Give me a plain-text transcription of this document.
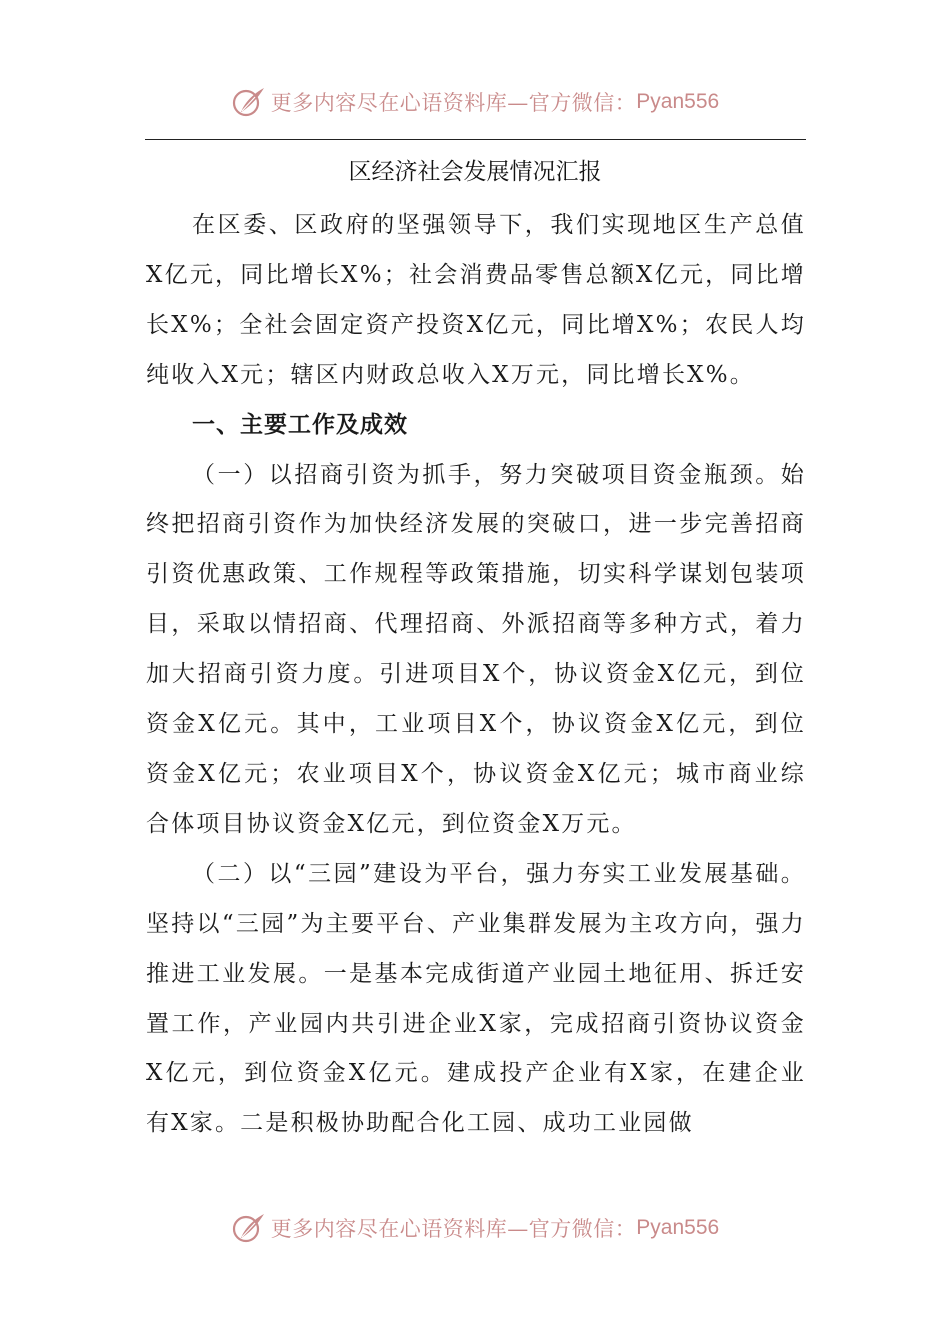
更多内容尽在心语资料库—官方微信： Pyan556
区经济社会发展情况汇报

在区委、区政府的坚强领导下，我们实现地区生产总值X亿元，同比增长X%；社会消费品零售总额X亿元，同比增长X%；全社会固定资产投资X亿元，同比增X%；农民人均纯收入X元；辖区内财政总收入X万元，同比增长X%。

一、主要工作及成效

（一）以招商引资为抓手，努力突破项目资金瓶颈。始终把招商引资作为加快经济发展的突破口，进一步完善招商引资优惠政策、工作规程等政策措施，切实科学谋划包装项目，采取以情招商、代理招商、外派招商等多种方式，着力加大招商引资力度。引进项目X个，协议资金X亿元，到位资金X亿元。其中，工业项目X个，协议资金X亿元，到位资金X亿元；农业项目X个，协议资金X亿元；城市商业综合体项目协议资金X亿元，到位资金X万元。

（二）以“三园”建设为平台，强力夯实工业发展基础。坚持以“三园”为主要平台、产业集群发展为主攻方向，强力推进工业发展。一是基本完成街道产业园土地征用、拆迁安置工作，产业园内共引进企业X家，完成招商引资协议资金X亿元，到位资金X亿元。建成投产企业有X家，在建企业有X家。二是积极协助配合化工园、成功工业园做

更多内容尽在心语资料库—官方微信： Pyan556
